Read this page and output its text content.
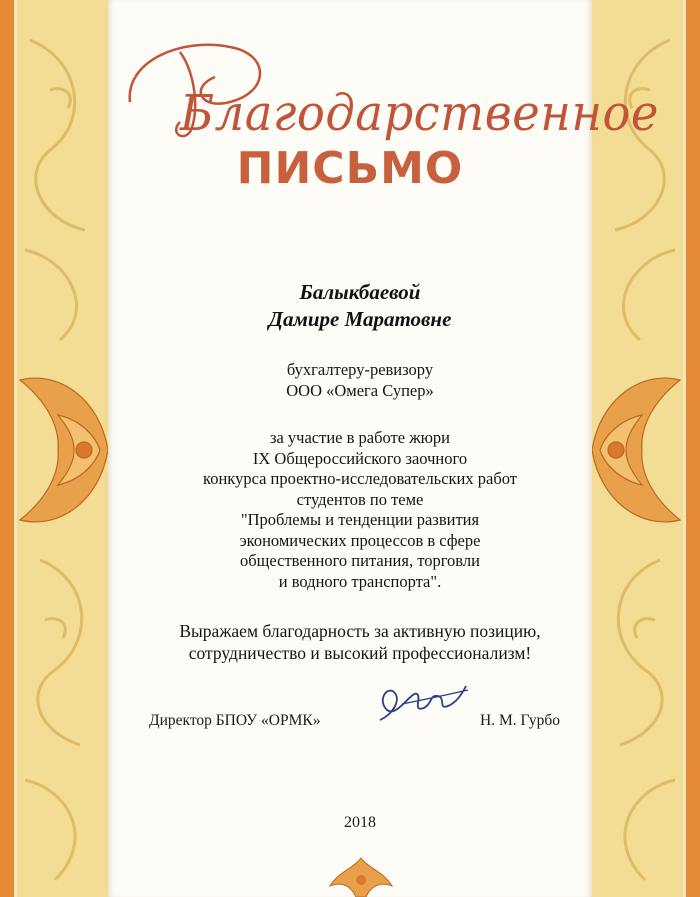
Благодарственное
ПИСЬМО
Балыкбаевой
Дамире Маратовне
бухгалтеру-ревизору
ООО «Омега Супер»
за участие в работе жюри
IX Общероссийского заочного
конкурса проектно-исследовательских работ
студентов по теме
"Проблемы и тенденции развития
экономических процессов в сфере
общественного питания, торговли
и водного транспорта".
Выражаем благодарность за активную позицию,
сотрудничество и высокий профессионализм!
Директор БПОУ «ОРМК»	Н. М. Гурбо
2018
